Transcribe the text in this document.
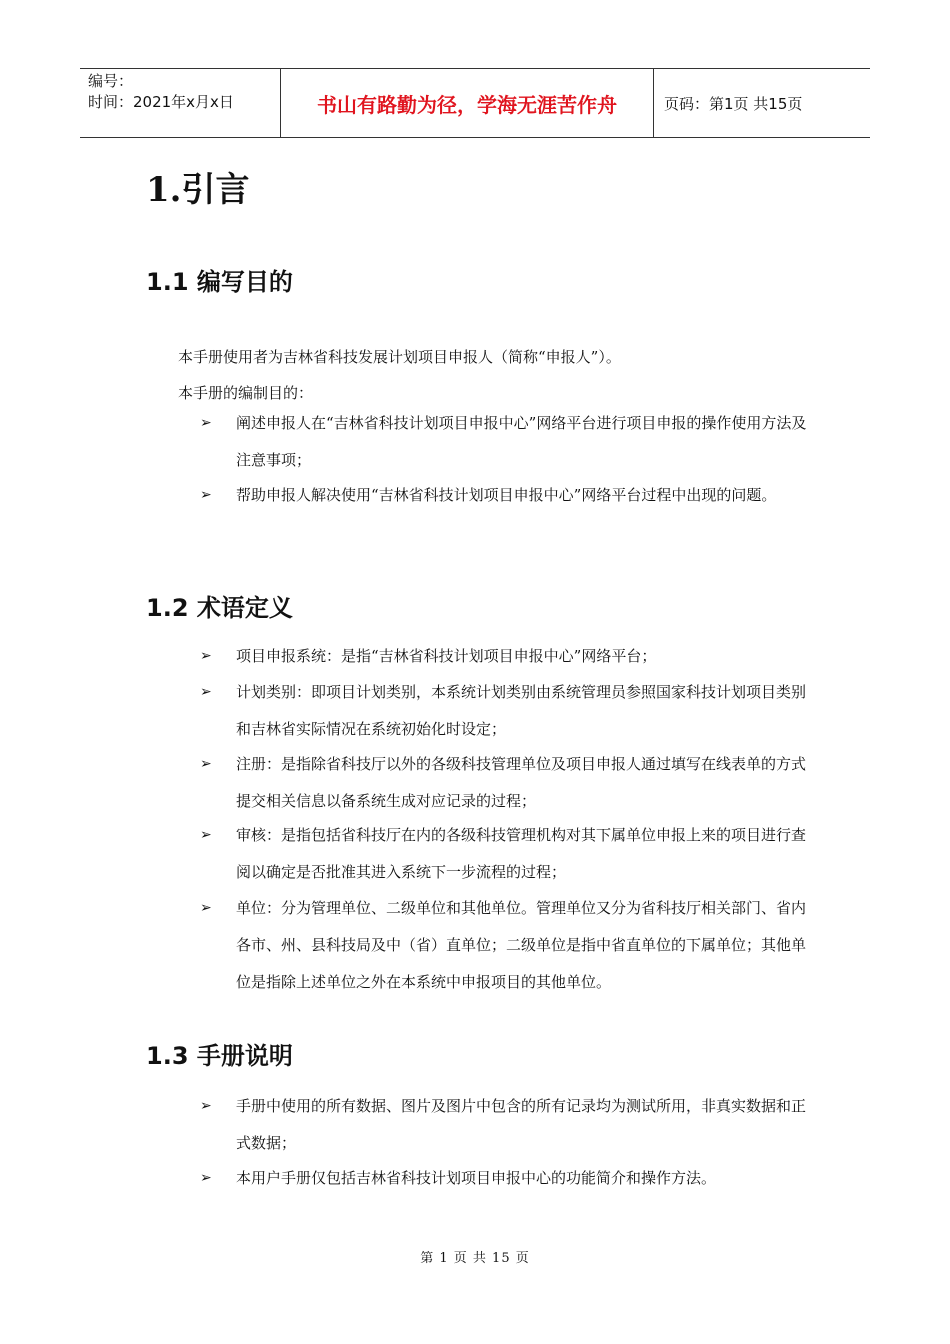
编号：
时间：2021年x月x日	书山有路勤为径，学海无涯苦作舟	页码：第1页 共15页
1.引言
1.1 编写目的
本手册使用者为吉林省科技发展计划项目申报人（简称“申报人”）。
本手册的编制目的：
➢ 阐述申报人在“吉林省科技计划项目申报中心”网络平台进行项目申报的操作使用方法及注意事项；
➢ 帮助申报人解决使用“吉林省科技计划项目申报中心”网络平台过程中出现的问题。
1.2 术语定义
➢ 项目申报系统：是指“吉林省科技计划项目申报中心”网络平台；
➢ 计划类别：即项目计划类别，本系统计划类别由系统管理员参照国家科技计划项目类别和吉林省实际情况在系统初始化时设定；
➢ 注册：是指除省科技厅以外的各级科技管理单位及项目申报人通过填写在线表单的方式提交相关信息以备系统生成对应记录的过程；
➢ 审核：是指包括省科技厅在内的各级科技管理机构对其下属单位申报上来的项目进行查阅以确定是否批准其进入系统下一步流程的过程；
➢ 单位：分为管理单位、二级单位和其他单位。管理单位又分为省科技厅相关部门、省内各市、州、县科技局及中（省）直单位；二级单位是指中省直单位的下属单位；其他单位是指除上述单位之外在本系统中申报项目的其他单位。
1.3 手册说明
➢ 手册中使用的所有数据、图片及图片中包含的所有记录均为测试所用，非真实数据和正式数据；
➢ 本用户手册仅包括吉林省科技计划项目申报中心的功能简介和操作方法。
第 1 页 共 15 页
